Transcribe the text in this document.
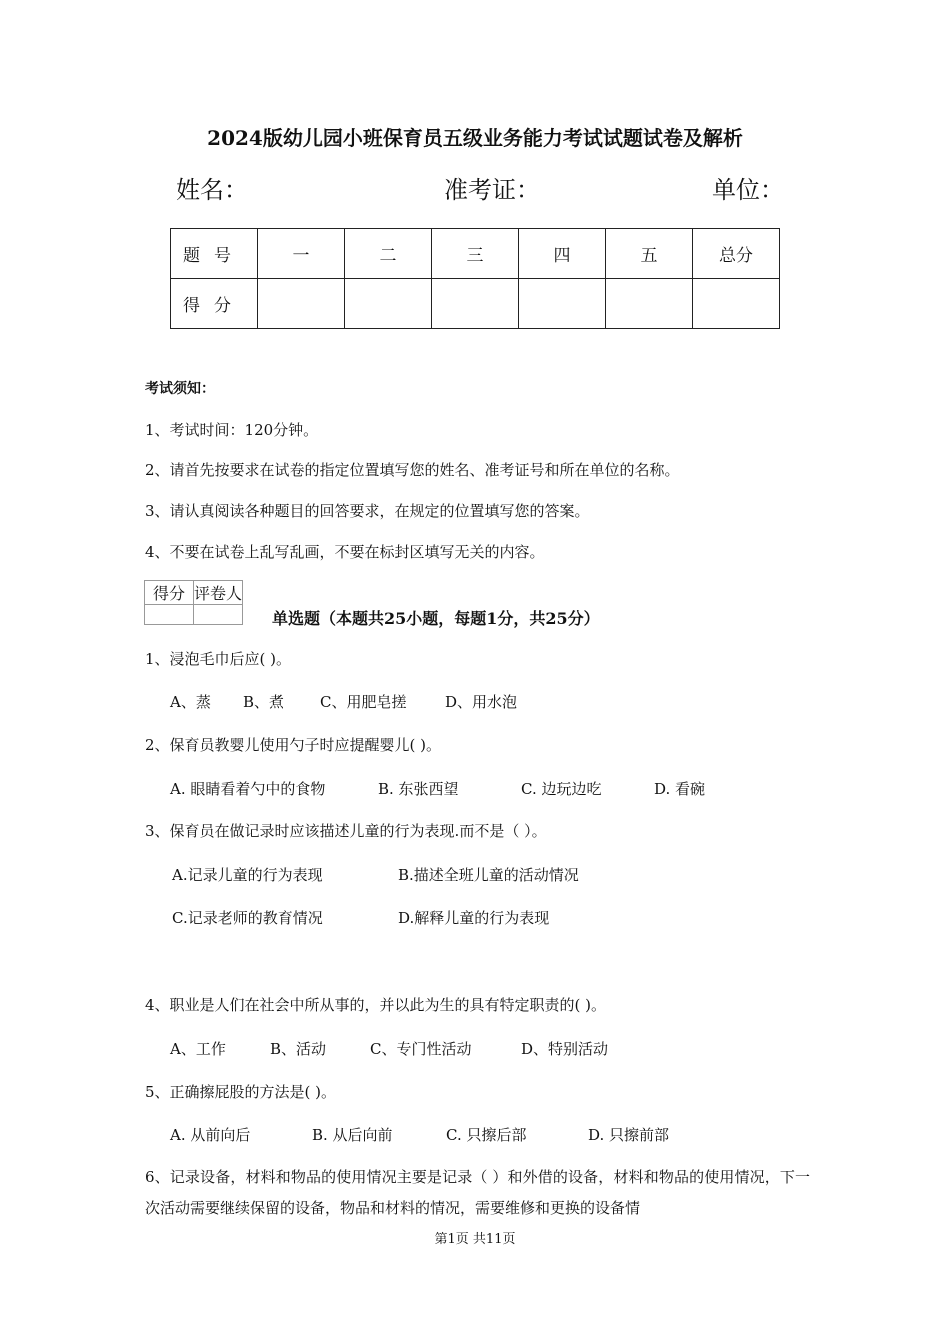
2024版幼儿园小班保育员五级业务能力考试试题试卷及解析
姓名：	准考证：	单位：
题号	一	二	三	四	五	总分
得分						
考试须知：
1、考试时间：120分钟。
2、请首先按要求在试卷的指定位置填写您的姓名、准考证号和所在单位的名称。
3、请认真阅读各种题目的回答要求，在规定的位置填写您的答案。
4、不要在试卷上乱写乱画，不要在标封区填写无关的内容。
得分	评卷人

单选题（本题共25小题，每题1分，共25分）
1、浸泡毛巾后应( )。
A、蒸 B、煮 C、用肥皂搓	D、用水泡
2、保育员教婴儿使用勺子时应提醒婴儿( )。
A. 眼睛看着勺中的食物	B. 东张西望	C. 边玩边吃	D. 看碗
3、保育员在做记录时应该描述儿童的行为表现.而不是（ ）。
A.记录儿童的行为表现	B.描述全班儿童的活动情况
C.记录老师的教育情况	D.解释儿童的行为表现
4、职业是人们在社会中所从事的，并以此为生的具有特定职责的( )。
A、工作	B、活动	C、专门性活动	D、特别活动
5、正确擦屁股的方法是( )。
A. 从前向后	B. 从后向前	C. 只擦后部	D. 只擦前部
6、记录设备，材料和物品的使用情况主要是记录（ ）和外借的设备，材料和物品的使用情况，下一次活动需要继续保留的设备，物品和材料的情况，需要维修和更换的设备情
第1页 共11页
